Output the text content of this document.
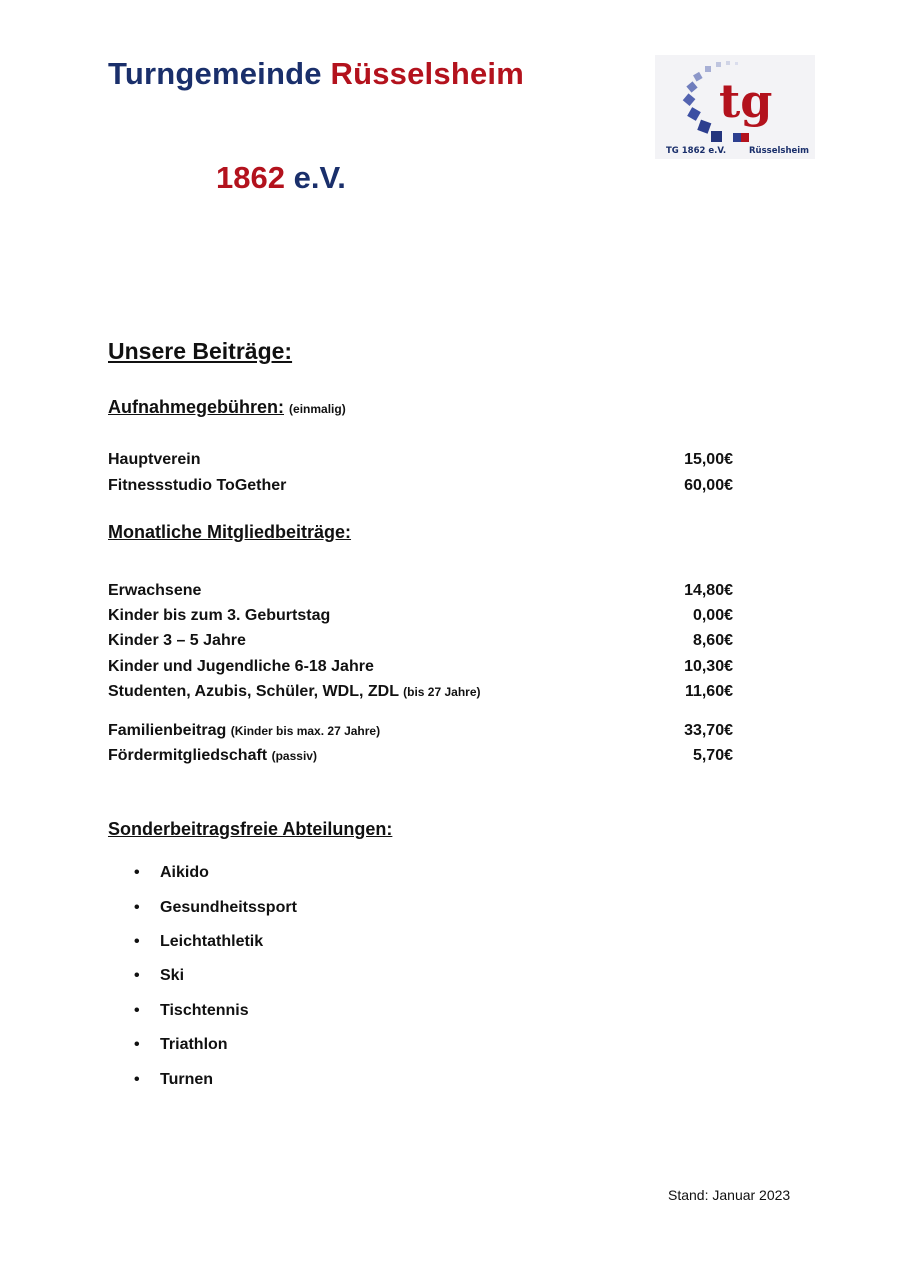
Turngemeinde Rüsselsheim
1862 e.V.
tg
TG 1862 e.V.	Rüsselsheim
Unsere Beiträge:
Aufnahmegebühren: (einmalig)
Hauptverein	15,00€
Fitnessstudio ToGether	60,00€
Monatliche Mitgliedbeiträge:
Erwachsene	14,80€
Kinder bis zum 3. Geburtstag	0,00€
Kinder 3 – 5 Jahre	8,60€
Kinder und Jugendliche 6-18 Jahre	10,30€
Studenten, Azubis, Schüler, WDL, ZDL (bis 27 Jahre)	11,60€
Familienbeitrag (Kinder bis max. 27 Jahre)	33,70€
Fördermitgliedschaft (passiv)	5,70€
Sonderbeitragsfreie Abteilungen:
•	Aikido
•	Gesundheitssport
•	Leichtathletik
•	Ski
•	Tischtennis
•	Triathlon
•	Turnen
Stand: Januar 2023
